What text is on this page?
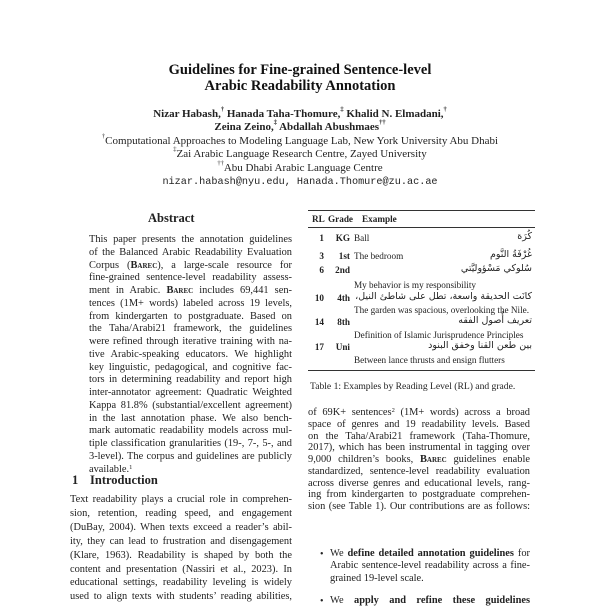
Guidelines for Fine-grained Sentence-level
Arabic Readability Annotation
Nizar Habash,† Hanada Taha-Thomure,‡ Khalid N. Elmadani,†
Zeina Zeino,‡ Abdallah Abushmaes††
†Computational Approaches to Modeling Language Lab, New York University Abu Dhabi
‡Zai Arabic Language Research Centre, Zayed University
††Abu Dhabi Arabic Language Centre
nizar.habash@nyu.edu, Hanada.Thomure@zu.ac.ae
Abstract
This paper presents the annotation guidelines
of the Balanced Arabic Readability Evaluation
Corpus (Barec), a large-scale resource for
fine-grained sentence-level readability assess-
ment in Arabic. Barec includes 69,441 sen-
tences (1M+ words) labeled across 19 levels,
from kindergarten to postgraduate. Based on
the Taha/Arabi21 framework, the guidelines
were refined through iterative training with na-
tive Arabic-speaking educators. We highlight
key linguistic, pedagogical, and cognitive fac-
tors in determining readability and report high
inter-annotator agreement: Quadratic Weighted
Kappa 81.8% (substantial/excellent agreement)
in the last annotation phase. We also bench-
mark automatic readability models across mul-
tiple classification granularities (19-, 7-, 5-, and
3-level). The corpus and guidelines are publicly
available.$^1$
1 Introduction
Text readability plays a crucial role in comprehen-
sion, retention, reading speed, and engagement
(DuBay, 2004). When texts exceed a reader’s abil-
ity, they can lead to frustration and disengagement
(Klare, 1963). Readability is shaped by both the
content and presentation (Nassiri et al., 2023). In
educational settings, readability leveling is widely
used to align texts with students’ reading abilities,
RL Grade Example
1	KG	كُرَة
Ball
3	1st	غُرْفَةُ النَّوم
The bedroom
6	2nd	سُلوكي مَسْؤوليَّتي
My behavior is my responsibility
10	4th كانَت الحديقة واسعة، تطل على شاطئ النيل،
The garden was spacious, overlooking the Nile.
14	8th	تعريف أُصول الفقه
Definition of Islamic Jurisprudence Principles
17	Uni	بين طعن القنا وخفق البنود
Between lance thrusts and ensign flutters
Table 1: Examples by Reading Level (RL) and grade.
of 69K+ sentences$^2$ (1M+ words) across a broad
space of genres and 19 readability levels. Based
on the Taha/Arabi21 framework (Taha-Thomure,
2017), which has been instrumental in tagging over
9,000 children’s books, Barec guidelines enable
standardized, sentence-level readability evaluation
across diverse genres and educational levels, rang-
ing from kindergarten to postgraduate comprehen-
sion (see Table 1). Our contributions are as follows:
• We define detailed annotation guidelines for
Arabic sentence-level readability across a fine-
grained 19-level scale.
• We apply and refine these guidelines
